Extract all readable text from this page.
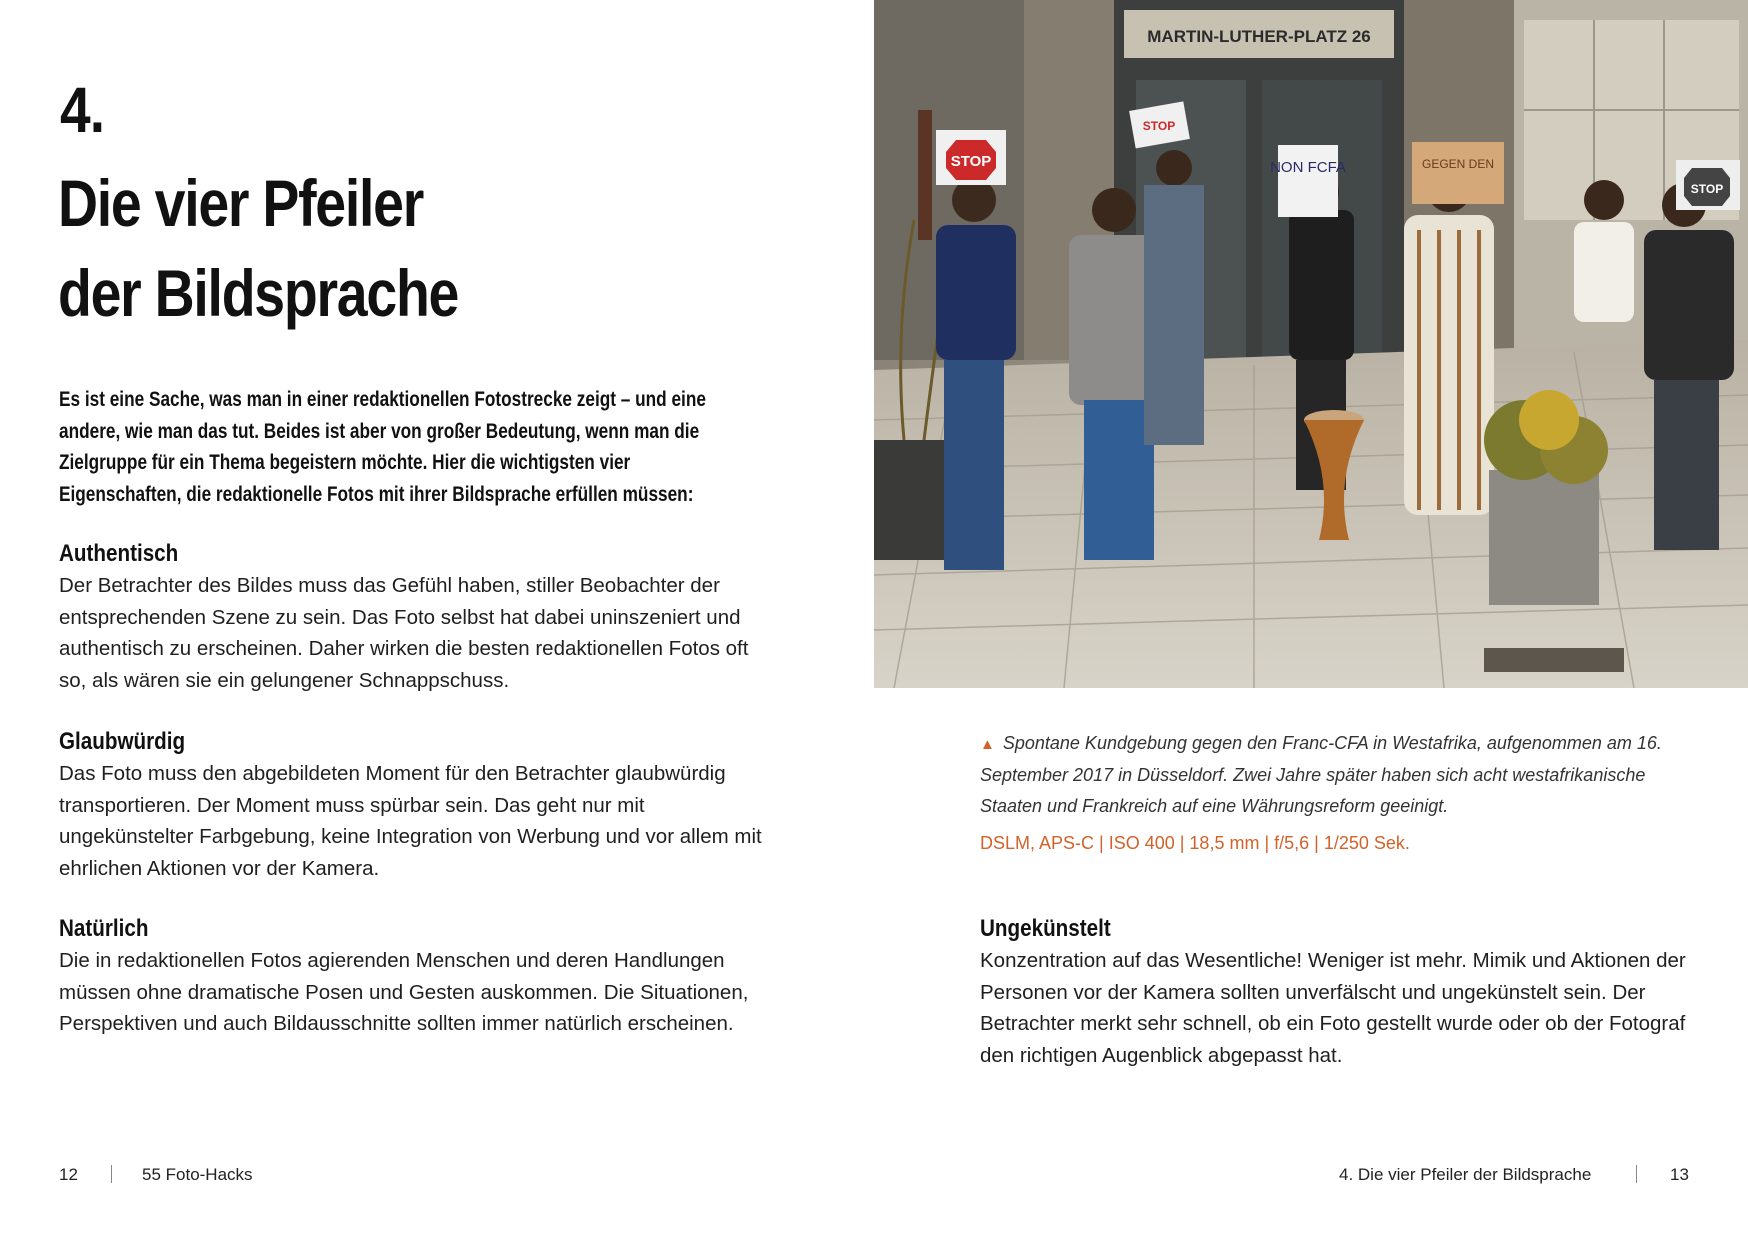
4.
Die vier Pfeiler
der Bildsprache

Es ist eine Sache, was man in einer redaktionellen Fotostrecke zeigt – und eine andere, wie man das tut. Beides ist aber von großer Bedeutung, wenn man die Zielgruppe für ein Thema begeistern möchte. Hier die wichtigsten vier Eigenschaften, die redaktionelle Fotos mit ihrer Bildsprache erfüllen müssen:

Authentisch

Der Betrachter des Bildes muss das Gefühl haben, stiller Beobachter der entsprechenden Szene zu sein. Das Foto selbst hat dabei uninszeniert und authentisch zu erscheinen. Daher wirken die besten redaktionellen Fotos oft so, als wären sie ein gelungener Schnappschuss.

Glaubwürdig

Das Foto muss den abgebildeten Moment für den Betrachter glaubwürdig transportieren. Der Moment muss spürbar sein. Das geht nur mit ungekünstelter Farbgebung, keine Integration von Werbung und vor allem mit ehrlichen Aktionen vor der Kamera.

Natürlich

Die in redaktionellen Fotos agierenden Menschen und deren Handlungen müssen ohne dramatische Posen und Gesten auskommen. Die Situationen, Perspektiven und auch Bildausschnitte sollten immer natürlich erscheinen.

MARTIN-LUTHER-PLATZ 26
STOP
STOP
NON FCFA	GEGEN DEN
STOP

▲ Spontane Kundgebung gegen den Franc-CFA in Westafrika, aufgenommen am 16. September 2017 in Düsseldorf. Zwei Jahre später haben sich acht westafrikanische Staaten und Frankreich auf eine Währungsreform geeinigt.

DSLM, APS-C | ISO 400 | 18,5 mm | f/5,6 | 1/250 Sek.

Ungekünstelt

Konzentration auf das Wesentliche! Weniger ist mehr. Mimik und Aktionen der Personen vor der Kamera sollten unverfälscht und ungekünstelt sein. Der Betrachter merkt sehr schnell, ob ein Foto gestellt wurde oder ob der Fotograf den richtigen Augenblick abgepasst hat.

12	55 Foto-Hacks	4. Die vier Pfeiler der Bildsprache	13
